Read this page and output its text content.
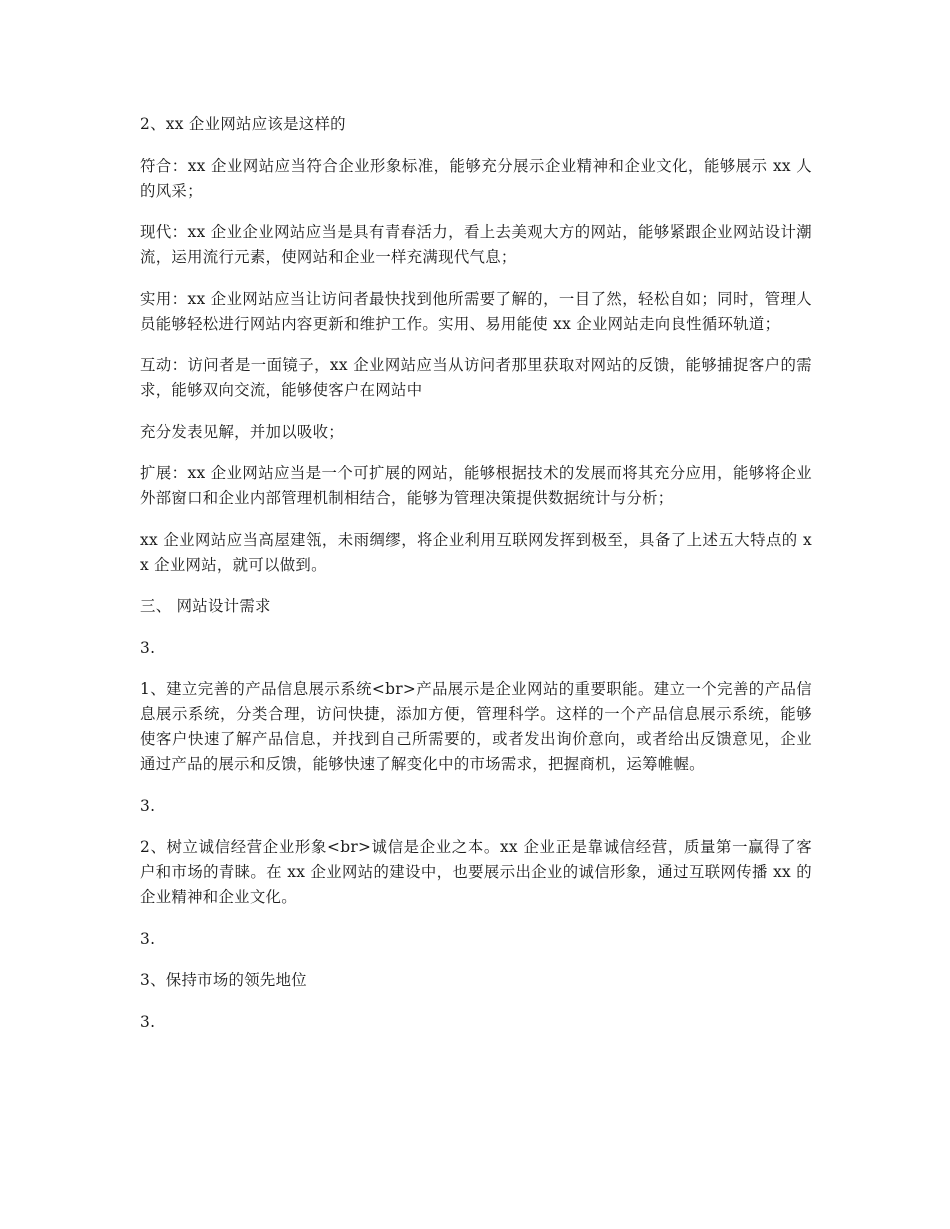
2、xx 企业网站应该是这样的

符合：xx 企业网站应当符合企业形象标准，能够充分展示企业精神和企业文化，能够展示 xx 人的风采；

现代：xx 企业企业网站应当是具有青春活力，看上去美观大方的网站，能够紧跟企业网站设计潮流，运用流行元素，使网站和企业一样充满现代气息；

实用：xx 企业网站应当让访问者最快找到他所需要了解的，一目了然，轻松自如；同时，管理人员能够轻松进行网站内容更新和维护工作。实用、易用能使 xx 企业网站走向良性循环轨道；

互动：访问者是一面镜子，xx 企业网站应当从访问者那里获取对网站的反馈，能够捕捉客户的需求，能够双向交流，能够使客户在网站中

充分发表见解，并加以吸收；

扩展：xx 企业网站应当是一个可扩展的网站，能够根据技术的发展而将其充分应用，能够将企业外部窗口和企业内部管理机制相结合，能够为管理决策提供数据统计与分析；

xx 企业网站应当高屋建瓴，未雨绸缪，将企业利用互联网发挥到极至，具备了上述五大特点的 xx 企业网站，就可以做到。

三、 网站设计需求

3.

1、建立完善的产品信息展示系统<br>产品展示是企业网站的重要职能。建立一个完善的产品信息展示系统，分类合理，访问快捷，添加方便，管理科学。这样的一个产品信息展示系统，能够使客户快速了解产品信息，并找到自己所需要的，或者发出询价意向，或者给出反馈意见，企业通过产品的展示和反馈，能够快速了解变化中的市场需求，把握商机，运筹帷幄。

3.

2、树立诚信经营企业形象<br>诚信是企业之本。xx 企业正是靠诚信经营，质量第一赢得了客户和市场的青睐。在 xx 企业网站的建设中，也要展示出企业的诚信形象，通过互联网传播 xx 的企业精神和企业文化。

3.

3、保持市场的领先地位

3.
